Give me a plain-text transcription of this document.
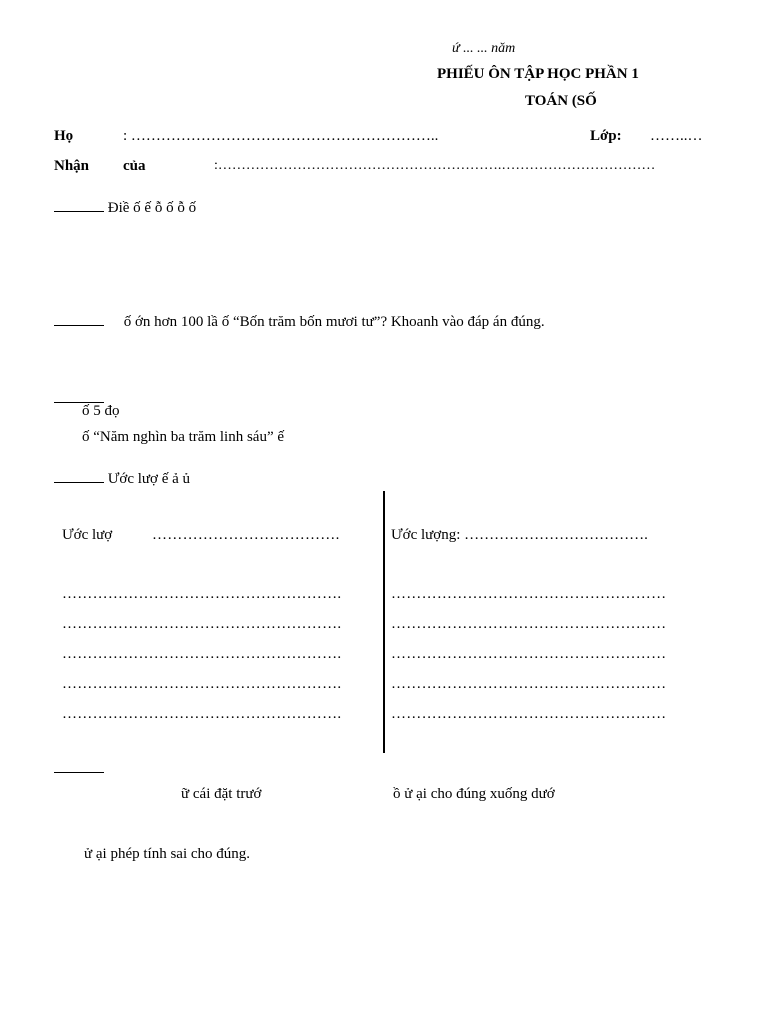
ứ ... ... năm
PHIẾU ÔN TẬP HỌC PHẦN 1
TOÁN (SỐ
Họ	: ……………………………………………………..	Lớp: ……..…
Nhận của	:…………………………………………………….……………………………
Điề ố ế ỗ ố ỗ ố
ố ớn hơn 100 lầ ố “Bốn trăm bốn mươi tư”? Khoanh vào đáp án đúng.
ố 5 đọ
ố “Năm nghìn ba trăm linh sáu” ế
Ước lượ ế ả ủ
Ước lượ	……………………………….	Ước lượng: ……………………………….
……………………………………………….	………………………………………………
……………………………………………….	………………………………………………
……………………………………………….	………………………………………………
……………………………………………….	………………………………………………
……………………………………………….	………………………………………………
ữ cái đặt trướ	ồ ử ại cho đúng xuống dướ
ử ại phép tính sai cho đúng.
